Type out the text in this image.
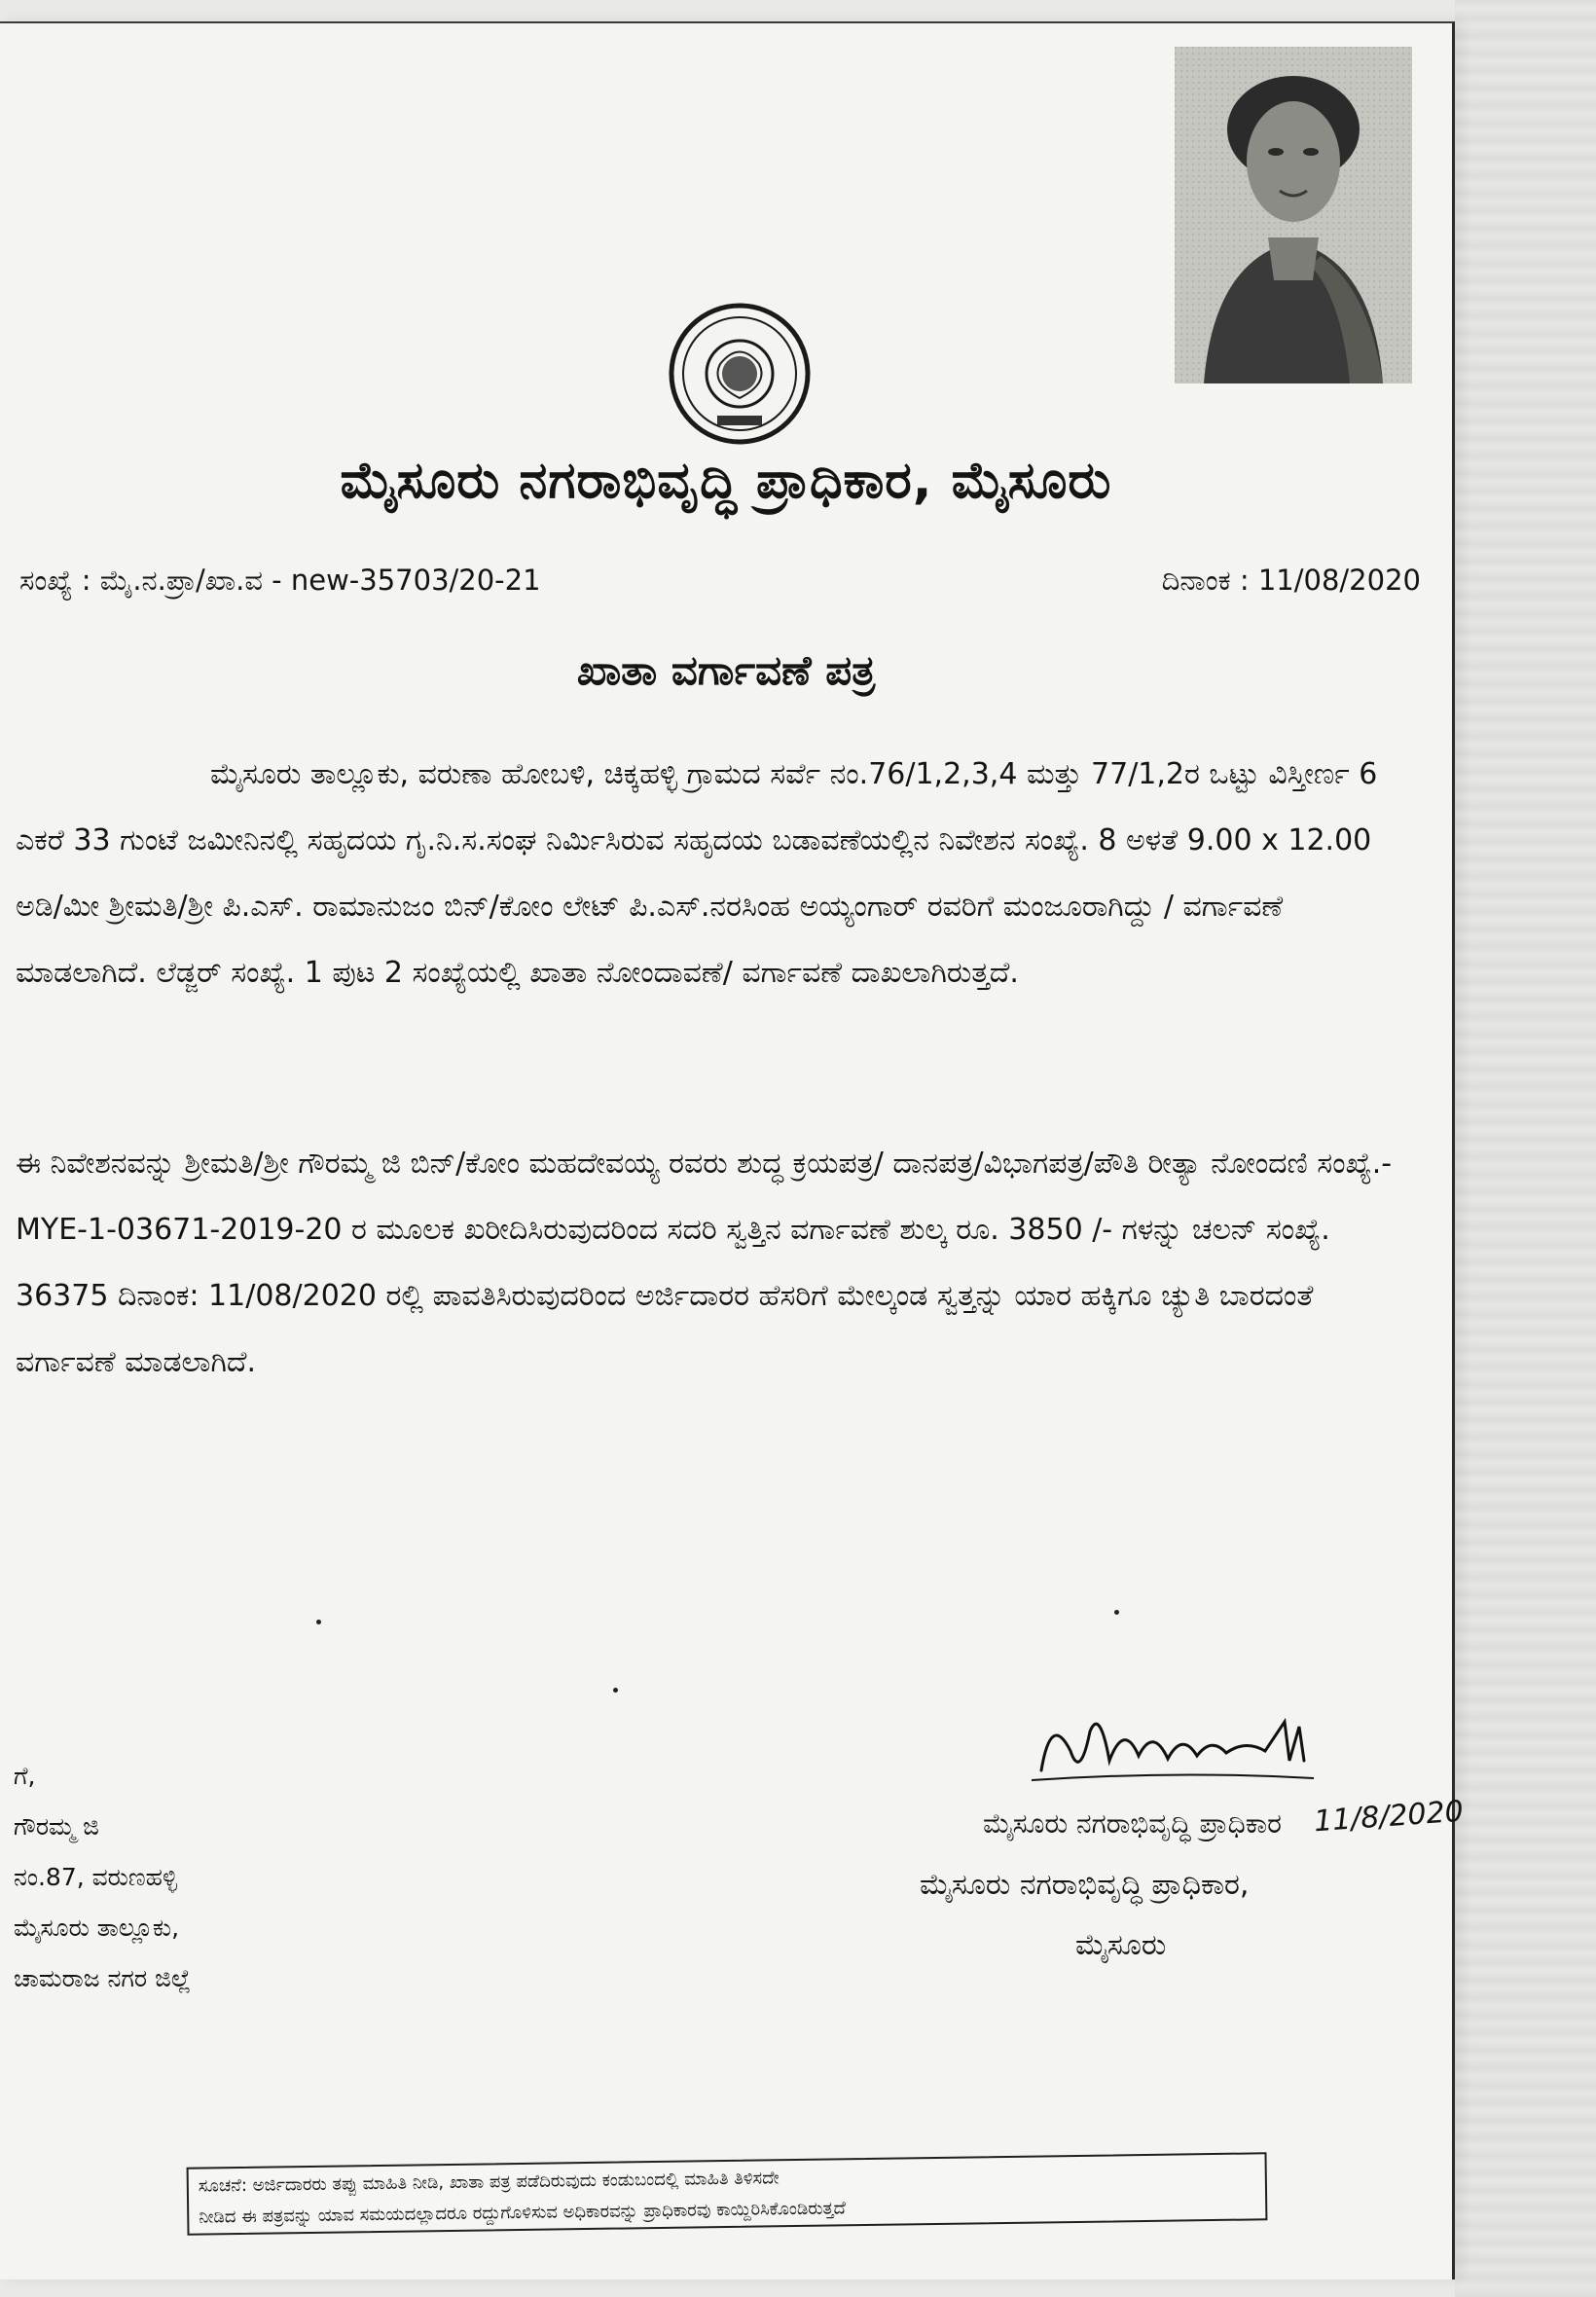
ಮೈಸೂರು ನಗರಾಭಿವೃದ್ಧಿ ಪ್ರಾಧಿಕಾರ, ಮೈಸೂರು
ಸಂಖ್ಯೆ : ಮೈ.ನ.ಪ್ರಾ/ಖಾ.ವ - new-35703/20-21	ದಿನಾಂಕ : 11/08/2020
ಖಾತಾ ವರ್ಗಾವಣೆ ಪತ್ರ

ಮೈಸೂರು ತಾಲ್ಲೂಕು, ವರುಣಾ ಹೋಬಳಿ, ಚಿಕ್ಕಹಳ್ಳಿ ಗ್ರಾಮದ ಸರ್ವೆ ನಂ.76/1,2,3,4 ಮತ್ತು 77/1,2ರ ಒಟ್ಟು ವಿಸ್ತೀರ್ಣ 6 ಎಕರೆ 33 ಗುಂಟೆ ಜಮೀನಿನಲ್ಲಿ ಸಹೃದಯ ಗೃ.ನಿ.ಸ.ಸಂಘ ನಿರ್ಮಿಸಿರುವ ಸಹೃದಯ ಬಡಾವಣೆಯಲ್ಲಿನ ನಿವೇಶನ ಸಂಖ್ಯೆ. 8 ಅಳತೆ 9.00 x 12.00 ಅಡಿ/ಮೀ ಶ್ರೀಮತಿ/ಶ್ರೀ ಪಿ.ಎಸ್. ರಾಮಾನುಜಂ ಬಿನ್/ಕೋಂ ಲೇಟ್ ಪಿ.ಎಸ್.ನರಸಿಂಹ ಅಯ್ಯಂಗಾರ್ ರವರಿಗೆ ಮಂಜೂರಾಗಿದ್ದು / ವರ್ಗಾವಣೆ ಮಾಡಲಾಗಿದೆ. ಲೆಡ್ಜರ್ ಸಂಖ್ಯೆ. 1 ಪುಟ 2 ಸಂಖ್ಯೆಯಲ್ಲಿ ಖಾತಾ ನೋಂದಾವಣೆ/ ವರ್ಗಾವಣೆ ದಾಖಲಾಗಿರುತ್ತದೆ.

ಈ ನಿವೇಶನವನ್ನು ಶ್ರೀಮತಿ/ಶ್ರೀ ಗೌರಮ್ಮ ಜಿ ಬಿನ್/ಕೋಂ ಮಹದೇವಯ್ಯ ರವರು ಶುದ್ಧ ಕ್ರಯಪತ್ರ/ ದಾನಪತ್ರ/ವಿಭಾಗಪತ್ರ/ಪೌತಿ ರೀತ್ಯಾ ನೋಂದಣಿ ಸಂಖ್ಯೆ.- MYE-1-03671-2019-20 ರ ಮೂಲಕ ಖರೀದಿಸಿರುವುದರಿಂದ ಸದರಿ ಸ್ವತ್ತಿನ ವರ್ಗಾವಣೆ ಶುಲ್ಕ ರೂ. 3850 /- ಗಳನ್ನು ಚಲನ್ ಸಂಖ್ಯೆ. 36375 ದಿನಾಂಕ: 11/08/2020 ರಲ್ಲಿ ಪಾವತಿಸಿರುವುದರಿಂದ ಅರ್ಜಿದಾರರ ಹೆಸರಿಗೆ ಮೇಲ್ಕಂಡ ಸ್ವತ್ತನ್ನು ಯಾರ ಹಕ್ಕಿಗೂ ಚ್ಯುತಿ ಬಾರದಂತೆ ವರ್ಗಾವಣೆ ಮಾಡಲಾಗಿದೆ.

ಗೆ,
ಗೌರಮ್ಮ ಜಿ
ನಂ.87, ವರುಣಹಳ್ಳಿ
ಮೈಸೂರು ತಾಲ್ಲೂಕು,
ಚಾಮರಾಜ ನಗರ ಜಿಲ್ಲೆ
11/8/2020
ಮೈಸೂರು ನಗರಾಭಿವೃದ್ಧಿ ಪ್ರಾಧಿಕಾರ
ಮೈಸೂರು ನಗರಾಭಿವೃದ್ಧಿ ಪ್ರಾಧಿಕಾರ,
ಮೈಸೂರು
ಸೂಚನೆ: ಅರ್ಜಿದಾರರು ತಪ್ಪು ಮಾಹಿತಿ ನೀಡಿ, ಖಾತಾ ಪತ್ರ ಪಡೆದಿರುವುದು ಕಂಡುಬಂದಲ್ಲಿ ಮಾಹಿತಿ ತಿಳಿಸದೇ
ನೀಡಿದ ಈ ಪತ್ರವನ್ನು ಯಾವ ಸಮಯದಲ್ಲಾದರೂ ರದ್ದುಗೊಳಿಸುವ ಅಧಿಕಾರವನ್ನು ಪ್ರಾಧಿಕಾರವು ಕಾಯ್ದಿರಿಸಿಕೊಂಡಿರುತ್ತದೆ
